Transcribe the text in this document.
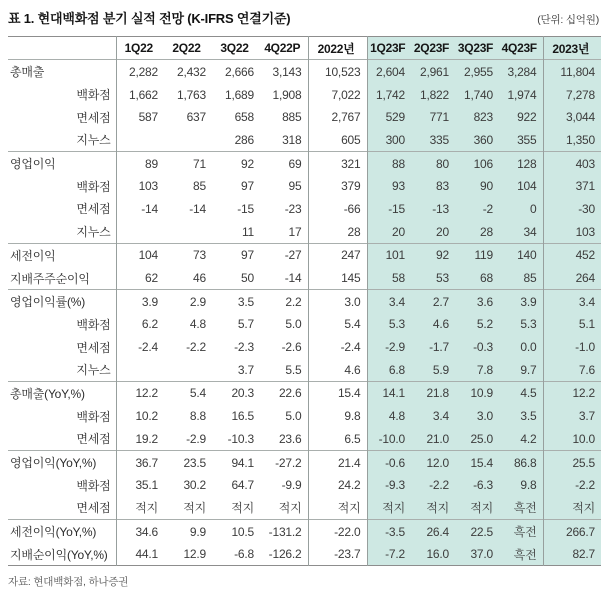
표 1. 현대백화점 분기 실적 전망 (K-IFRS 연결기준)	(단위: 십억원)
	1Q22	2Q22	3Q22	4Q22P	2022년	1Q23F	2Q23F	3Q23F	4Q23F	2023년
총매출	2,282	2,432	2,666	3,143	10,523	2,604	2,961	2,955	3,284	11,804
백화점	1,662	1,763	1,689	1,908	7,022	1,742	1,822	1,740	1,974	7,278
면세점	587	637	658	885	2,767	529	771	823	922	3,044
지누스			286	318	605	300	335	360	355	1,350
영업이익	89	71	92	69	321	88	80	106	128	403
백화점	103	85	97	95	379	93	83	90	104	371
면세점	-14	-14	-15	-23	-66	-15	-13	-2	0	-30
지누스			11	17	28	20	20	28	34	103
세전이익	104	73	97	-27	247	101	92	119	140	452
지배주주순이익	62	46	50	-14	145	58	53	68	85	264
영업이익률(%)	3.9	2.9	3.5	2.2	3.0	3.4	2.7	3.6	3.9	3.4
백화점	6.2	4.8	5.7	5.0	5.4	5.3	4.6	5.2	5.3	5.1
면세점	-2.4	-2.2	-2.3	-2.6	-2.4	-2.9	-1.7	-0.3	0.0	-1.0
지누스			3.7	5.5	4.6	6.8	5.9	7.8	9.7	7.6
총매출(YoY,%)	12.2	5.4	20.3	22.6	15.4	14.1	21.8	10.9	4.5	12.2
백화점	10.2	8.8	16.5	5.0	9.8	4.8	3.4	3.0	3.5	3.7
면세점	19.2	-2.9	-10.3	23.6	6.5	-10.0	21.0	25.0	4.2	10.0
영업이익(YoY,%)	36.7	23.5	94.1	-27.2	21.4	-0.6	12.0	15.4	86.8	25.5
백화점	35.1	30.2	64.7	-9.9	24.2	-9.3	-2.2	-6.3	9.8	-2.2
면세점	적지	적지	적지	적지	적지	적지	적지	적지	흑전	적지
세전이익(YoY,%)	34.6	9.9	10.5	-131.2	-22.0	-3.5	26.4	22.5	흑전	266.7
지배순이익(YoY,%)	44.1	12.9	-6.8	-126.2	-23.7	-7.2	16.0	37.0	흑전	82.7
자료: 현대백화점, 하나증권
